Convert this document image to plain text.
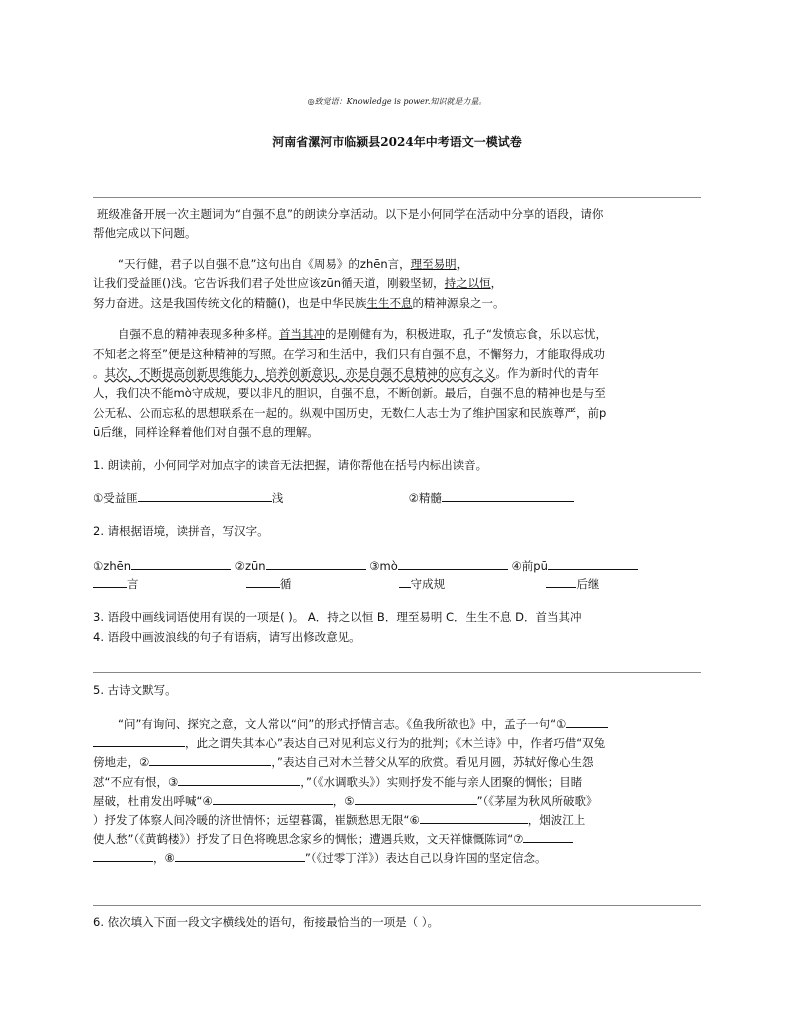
◎致觉语：Knowledge is power.知识就是力量。
河南省漯河市临颍县2024年中考语文一模试卷
班级准备开展一次主题词为“自强不息”的朗读分享活动。以下是小何同学在活动中分享的语段，请你
帮他完成以下问题。
“天行健，君子以自强不息”这句出自《周易》的zhēn言，理至易明，
让我们受益匪()浅。它告诉我们君子处世应该zūn循天道，刚毅坚韧，持之以恒，
努力奋进。这是我国传统文化的精髓()，也是中华民族生生不息的精神源泉之一。
自强不息的精神表现多种多样。首当其冲的是刚健有为，积极进取，孔子“发愤忘食，乐以忘忧，
不知老之将至”便是这种精神的写照。在学习和生活中，我们只有自强不息，不懈努力，才能取得成功
。其次，不断提高创新思维能力，培养创新意识，亦是自强不息精神的应有之义。作为新时代的青年
人，我们决不能mò守成规，要以非凡的胆识，自强不息，不断创新。最后，自强不息的精神也是与至
公无私、公而忘私的思想联系在一起的。纵观中国历史，无数仁人志士为了维护国家和民族尊严，前p
ū后继，同样诠释着他们对自强不息的理解。
1. 朗读前，小何同学对加点字的读音无法把握，请你帮他在括号内标出读音。
①受益匪	浅	②精髓
2. 请根据语境，读拼音，写汉字。
①zhēn	②zūn	③mò	④前pū
言	循	守成规	后继
3. 语段中画线词语使用有误的一项是( )。 A．持之以恒 B．理至易明 C．生生不息 D．首当其冲
4. 语段中画波浪线的句子有语病，请写出修改意见。
5. 古诗文默写。
“问”有询问、探究之意，文人常以“问”的形式抒情言志。《鱼我所欲也》中，孟子一句“①
，此之谓失其本心”表达自己对见利忘义行为的批判；《木兰诗》中，作者巧借“双兔
傍地走，②	，”表达自己对木兰替父从军的欣赏。看见月圆，苏轼好像心生怨
怼“不应有恨，③	，”（《水调歌头》）实则抒发不能与亲人团聚的惆怅；目睹
屋破，杜甫发出呼喊“④	，⑤	”（《茅屋为秋风所破歌》
）抒发了体察人间冷暖的济世情怀；远望暮霭，崔颢愁思无限“⑥	，烟波江上
使人愁”（《黄鹤楼》）抒发了日色将晚思念家乡的惆怅；遭遇兵败，文天祥慷慨陈词“⑦
，⑧	”（《过零丁洋》）表达自己以身许国的坚定信念。
6. 依次填入下面一段文字横线处的语句，衔接最恰当的一项是（ ）。
